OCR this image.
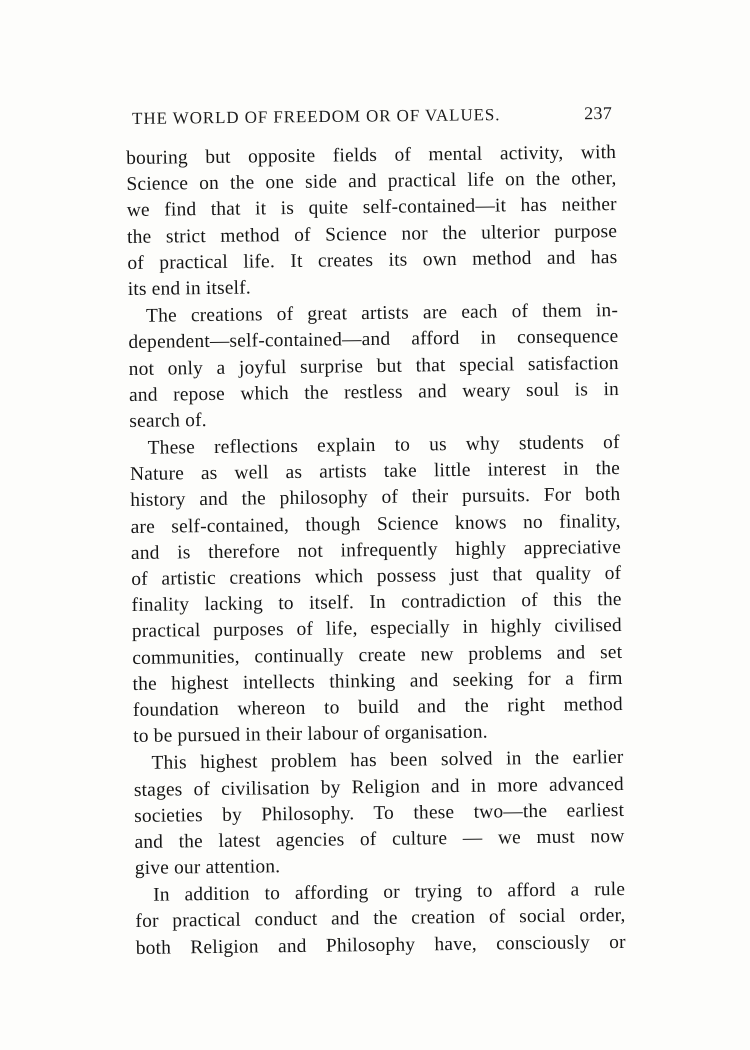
THE WORLD OF FREEDOM OR OF VALUES.	237
bouring but opposite fields of mental activity, with
Science on the one side and practical life on the other,
we find that it is quite self-contained—it has neither
the strict method of Science nor the ulterior purpose
of practical life. It creates its own method and has
its end in itself.
The creations of great artists are each of them in-
dependent—self-contained—and afford in consequence
not only a joyful surprise but that special satisfaction
and repose which the restless and weary soul is in
search of.
These reflections explain to us why students of
Nature as well as artists take little interest in the
history and the philosophy of their pursuits. For both
are self-contained, though Science knows no finality,
and is therefore not infrequently highly appreciative
of artistic creations which possess just that quality of
finality lacking to itself. In contradiction of this the
practical purposes of life, especially in highly civilised
communities, continually create new problems and set
the highest intellects thinking and seeking for a firm
foundation whereon to build and the right method
to be pursued in their labour of organisation.
This highest problem has been solved in the earlier
stages of civilisation by Religion and in more advanced
societies by Philosophy. To these two—the earliest
and the latest agencies of culture — we must now
give our attention.
In addition to affording or trying to afford a rule
for practical conduct and the creation of social order,
both Religion and Philosophy have, consciously or
